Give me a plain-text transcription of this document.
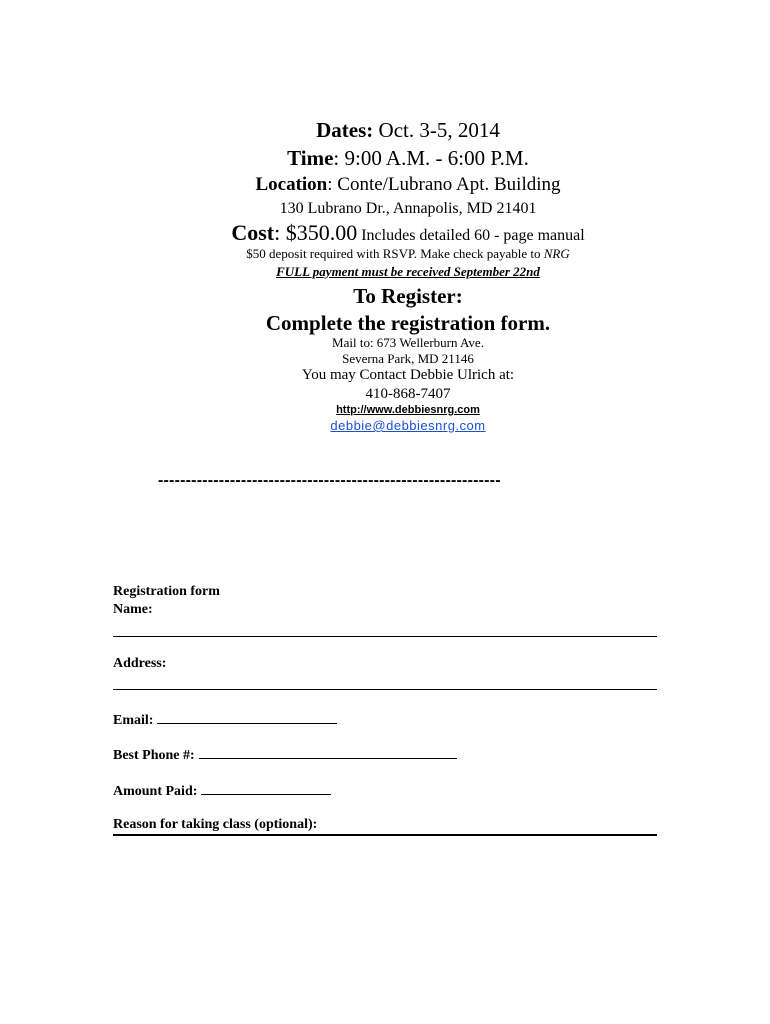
Dates: Oct. 3-5, 2014
Time: 9:00 A.M. - 6:00 P.M.
Location: Conte/Lubrano Apt. Building
130 Lubrano Dr., Annapolis, MD 21401
Cost: $350.00 Includes detailed 60 - page manual
$50 deposit required with RSVP. Make check payable to NRG
FULL payment must be received September 22nd
To Register:
Complete the registration form.
Mail to: 673 Wellerburn Ave.
Severna Park, MD 21146
You may Contact Debbie Ulrich at:
410-868-7407
http://www.debbiesnrg.com
debbie@debbiesnrg.com
--------------------------------------------------------------
Registration form
Name:
Address:
Email:
Best Phone #:
Amount Paid:
Reason for taking class (optional):
